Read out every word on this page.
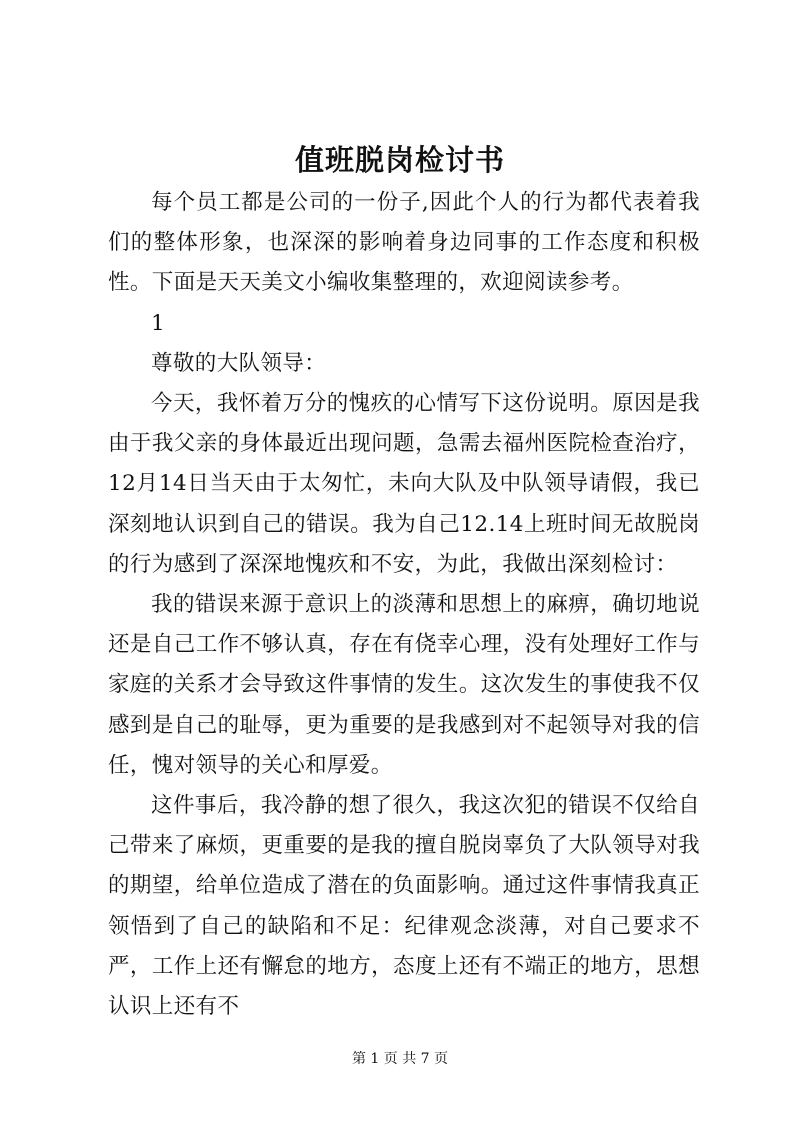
值班脱岗检讨书

每个员工都是公司的一份子,因此个人的行为都代表着我们的整体形象，也深深的影响着身边同事的工作态度和积极性。下面是天天美文小编收集整理的，欢迎阅读参考。

1

尊敬的大队领导：

今天，我怀着万分的愧疚的心情写下这份说明。原因是我由于我父亲的身体最近出现问题，急需去福州医院检查治疗，12月14日当天由于太匆忙，未向大队及中队领导请假，我已深刻地认识到自己的错误。我为自己12.14上班时间无故脱岗的行为感到了深深地愧疚和不安，为此，我做出深刻检讨：

我的错误来源于意识上的淡薄和思想上的麻痹，确切地说还是自己工作不够认真，存在有侥幸心理，没有处理好工作与家庭的关系才会导致这件事情的发生。这次发生的事使我不仅感到是自己的耻辱，更为重要的是我感到对不起领导对我的信任，愧对领导的关心和厚爱。

这件事后，我冷静的想了很久，我这次犯的错误不仅给自己带来了麻烦，更重要的是我的擅自脱岗辜负了大队领导对我的期望，给单位造成了潜在的负面影响。通过这件事情我真正领悟到了自己的缺陷和不足：纪律观念淡薄，对自己要求不严，工作上还有懈怠的地方，态度上还有不端正的地方，思想认识上还有不

第 1 页 共 7 页
